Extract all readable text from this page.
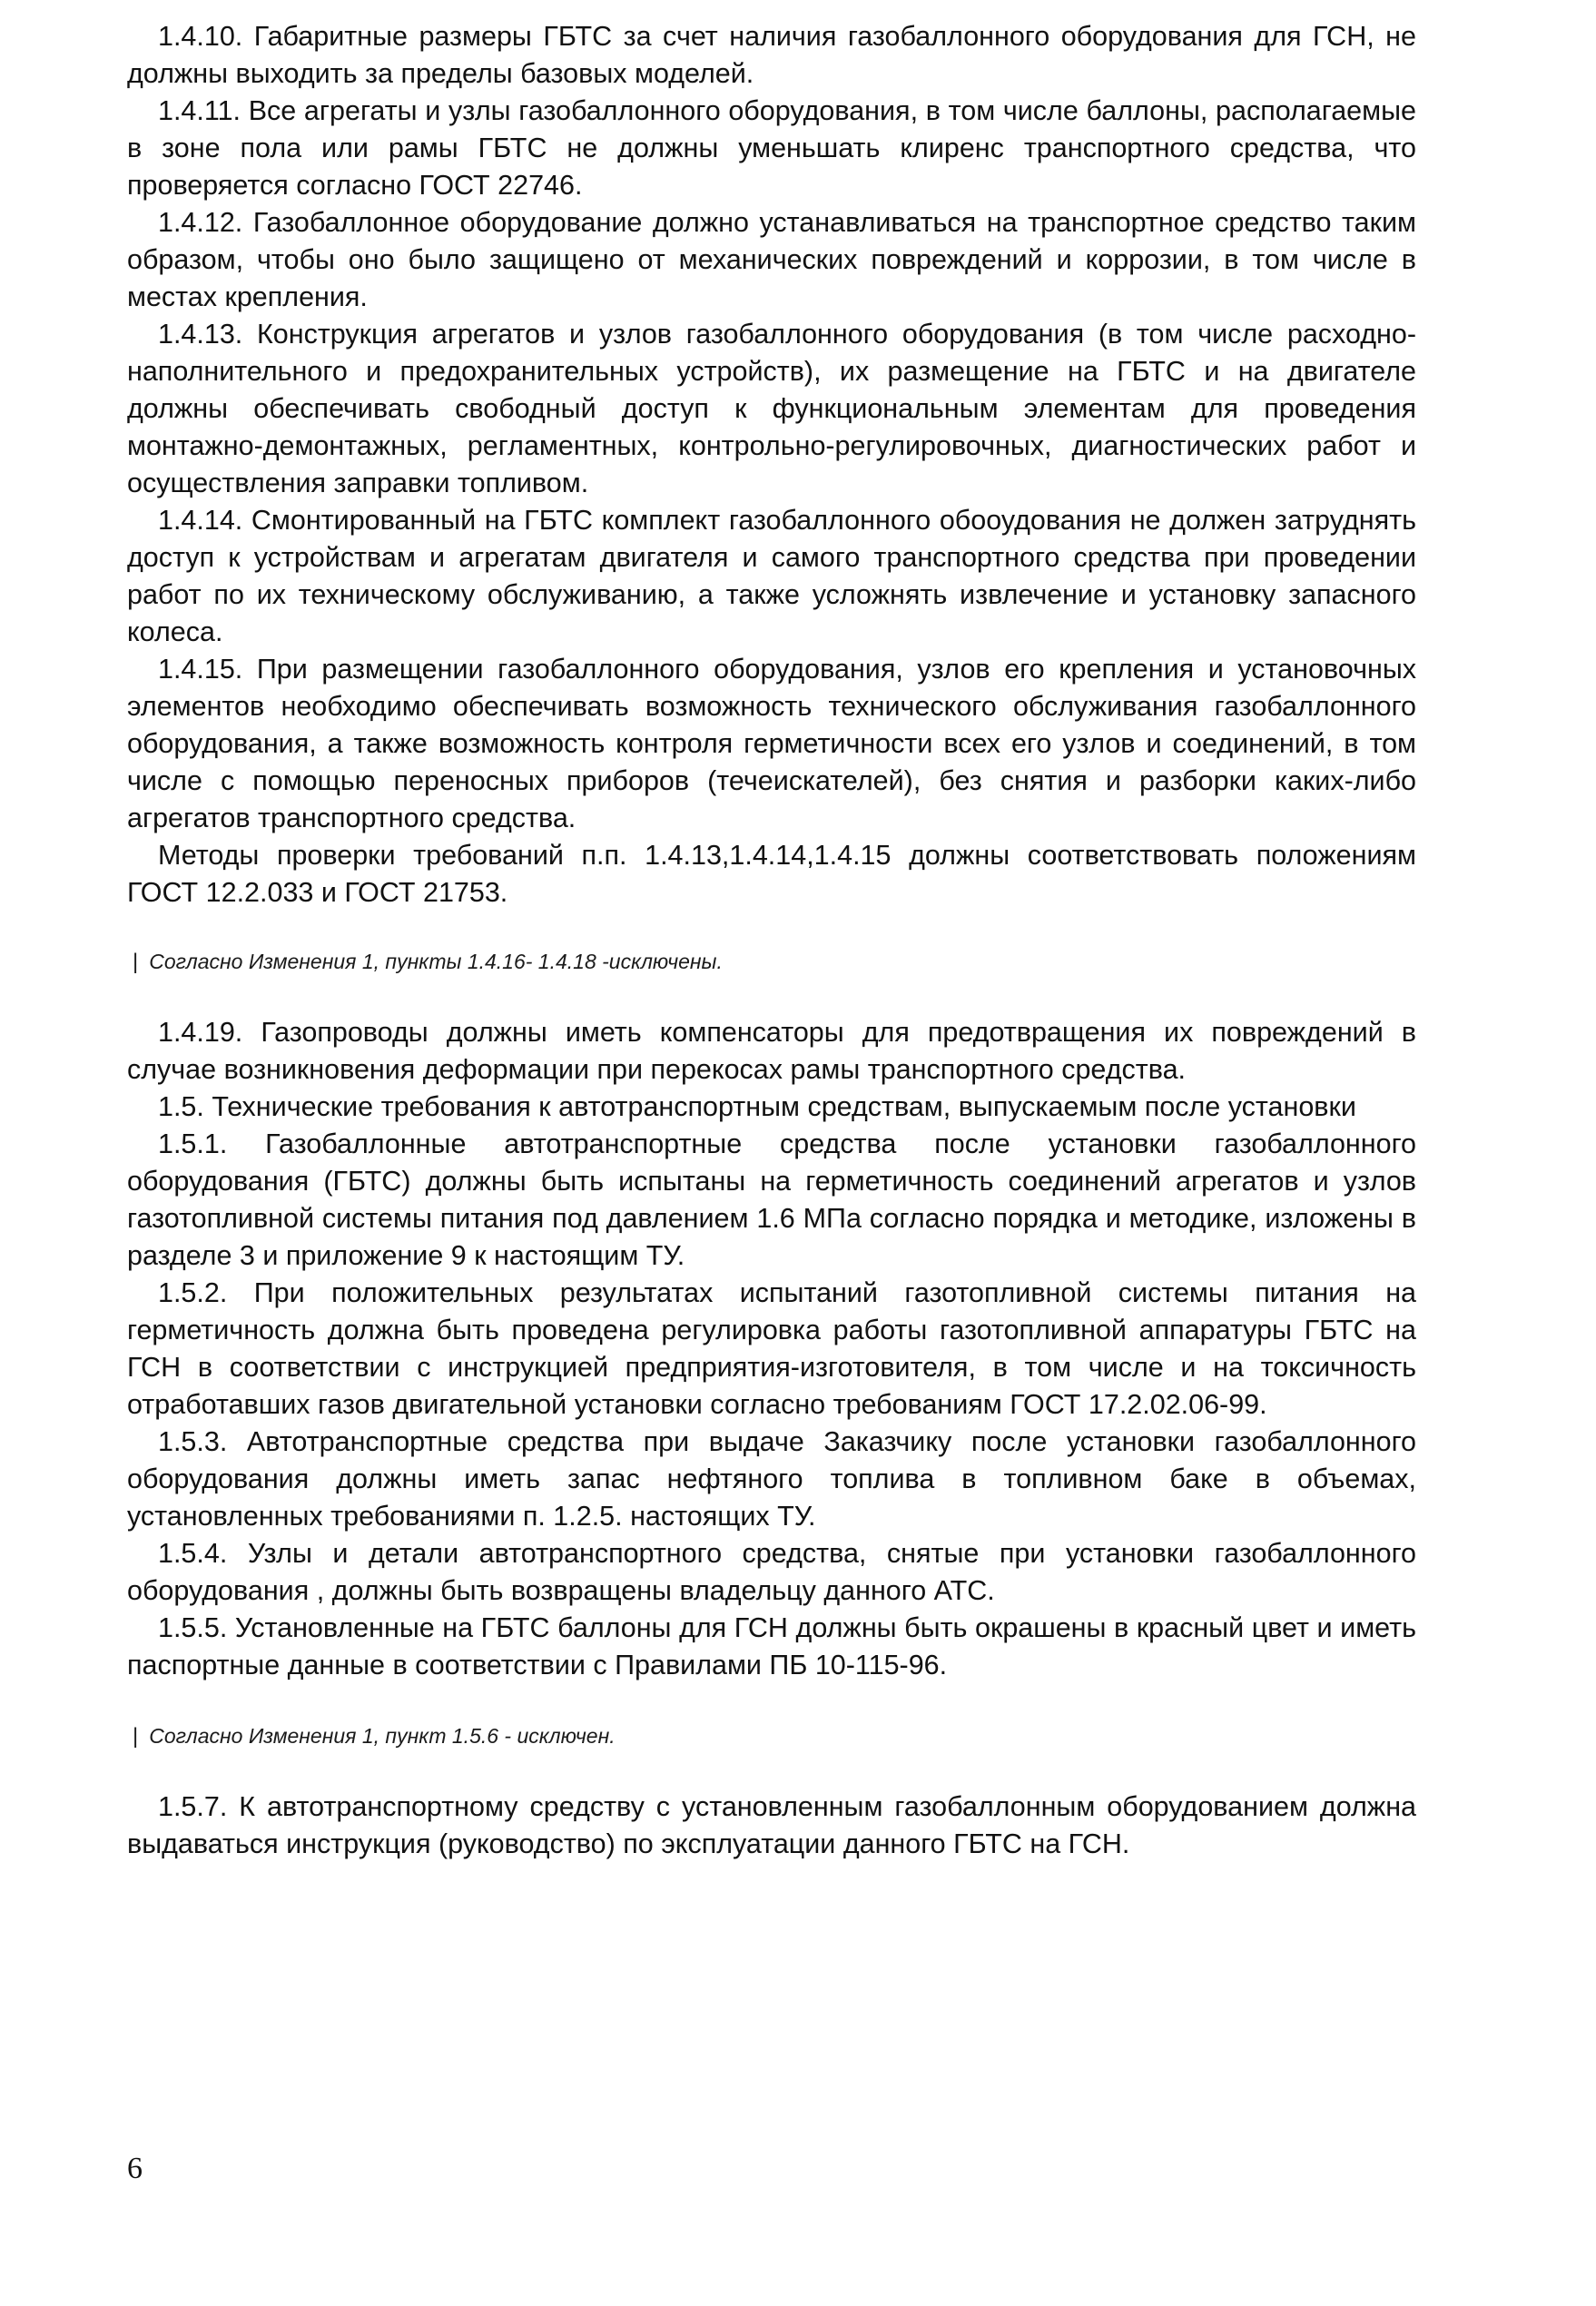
1.4.10. Габаритные размеры ГБТС за счет наличия газобаллонного оборудования для ГСН, не должны выходить за пределы базовых моделей.

1.4.11. Все агрегаты и узлы газобаллонного оборудования, в том числе баллоны, располагаемые в зоне пола или рамы ГБТС не должны уменьшать клиренс транспортного средства, что проверяется согласно ГОСТ 22746.

1.4.12. Газобаллонное оборудование должно устанавливаться на транспортное средство таким образом, чтобы оно было защищено от механических повреждений и коррозии, в том числе в местах крепления.

1.4.13. Конструкция агрегатов и узлов газобаллонного оборудования (в том числе расходно-наполнительного и предохранительных устройств), их размещение на ГБТС и на двигателе должны обеспечивать свободный доступ к функциональным элементам для проведения монтажно-демонтажных, регламентных, контрольно-регулировочных, диагностических работ и осуществления заправки топливом.

1.4.14. Смонтированный на ГБТС комплект газобаллонного обооудования не должен затруднять доступ к устройствам и агрегатам двигателя и самого транспортного средства при проведении работ по их техническому обслуживанию, а также усложнять извлечение и установку запасного колеса.

1.4.15. При размещении газобаллонного оборудования, узлов его крепления и установочных элементов необходимо обеспечивать возможность технического обслуживания газобаллонного оборудования, а также возможность контроля герметичности всех его узлов и соединений, в том числе с помощью переносных приборов (течеискателей), без снятия и разборки каких-либо агрегатов транспортного средства.

Методы проверки требований п.п. 1.4.13,1.4.14,1.4.15 должны соответствовать положениям ГОСТ 12.2.033 и ГОСТ 21753.

| Согласно Изменения 1, пункты 1.4.16- 1.4.18 -исключены.

1.4.19. Газопроводы должны иметь компенсаторы для предотвращения их повреждений в случае возникновения деформации при перекосах рамы транспортного средства.

1.5. Технические требования к автотранспортным средствам, выпускаемым после установки

1.5.1. Газобаллонные автотранспортные средства после установки газобаллонного оборудования (ГБТС) должны быть испытаны на герметичность соединений агрегатов и узлов газотопливной системы питания под давлением 1.6 МПа согласно порядка и методике, изложены в разделе 3 и приложение 9 к настоящим ТУ.

1.5.2. При положительных результатах испытаний газотопливной системы питания на герметичность должна быть проведена регулировка работы газотопливной аппаратуры ГБТС на ГСН в соответствии с инструкцией предприятия-изготовителя, в том числе и на токсичность отработавших газов двигательной установки согласно требованиям ГОСТ 17.2.02.06-99.

1.5.3. Автотранспортные средства при выдаче Заказчику после установки газобаллонного оборудования должны иметь запас нефтяного топлива в топливном баке в объемах, установленных требованиями п. 1.2.5. настоящих ТУ.

1.5.4. Узлы и детали автотранспортного средства, снятые при установки газобаллонного оборудования , должны быть возвращены владельцу данного АТС.

1.5.5. Установленные на ГБТС баллоны для ГСН должны быть окрашены в красный цвет и иметь паспортные данные в соответствии с Правилами ПБ 10-115-96.

| Согласно Изменения 1, пункт 1.5.6 - исключен.

1.5.7. К автотранспортному средству с установленным газобаллонным оборудованием должна выдаваться инструкция (руководство) по эксплуатации данного ГБТС на ГСН.

6
